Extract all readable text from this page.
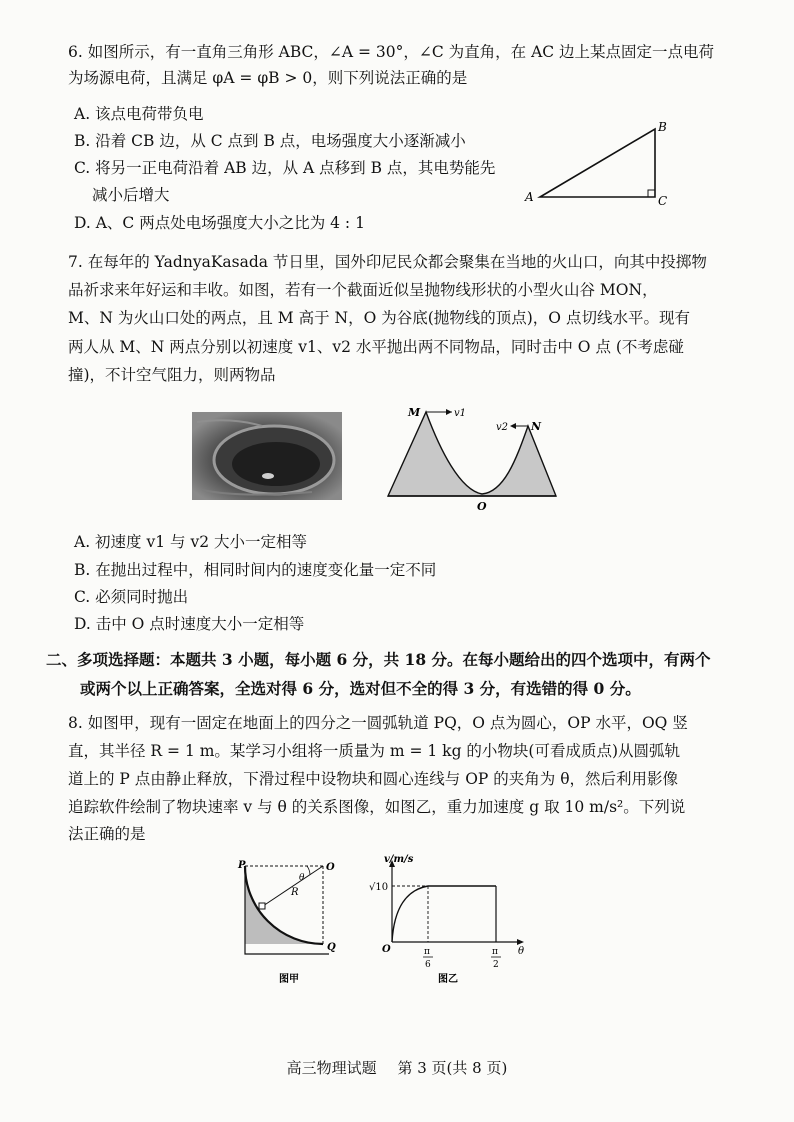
6. 如图所示，有一直角三角形 ABC，∠A = 30°，∠C 为直角，在 AC 边上某点固定一点电荷
为场源电荷，且满足 φA = φB > 0，则下列说法正确的是
A. 该点电荷带负电
B. 沿着 CB 边，从 C 点到 B 点，电场强度大小逐渐减小
C. 将另一正电荷沿着 AB 边，从 A 点移到 B 点，其电势能先
减小后增大
D. A、C 两点处电场强度大小之比为 4 : 1
A
B
C
7. 在每年的 YadnyaKasada 节日里，国外印尼民众都会聚集在当地的火山口，向其中投掷物
品祈求来年好运和丰收。如图，若有一个截面近似呈抛物线形状的小型火山谷 MON，
M、N 为火山口处的两点，且 M 高于 N，O 为谷底(抛物线的顶点)，O 点切线水平。现有
两人从 M、N 两点分别以初速度 v1、v2 水平抛出两不同物品，同时击中 O 点 (不考虑碰
撞)，不计空气阻力，则两物品
M	v1
v2 N
O
A. 初速度 v1 与 v2 大小一定相等
B. 在抛出过程中，相同时间内的速度变化量一定不同
C. 必须同时抛出
D. 击中 O 点时速度大小一定相等
二、多项选择题：本题共 3 小题，每小题 6 分，共 18 分。在每小题给出的四个选项中，有两个
或两个以上正确答案，全选对得 6 分，选对但不全的得 3 分，有选错的得 0 分。
8. 如图甲，现有一固定在地面上的四分之一圆弧轨道 PQ，O 点为圆心，OP 水平，OQ 竖
直，其半径 R = 1 m。某学习小组将一质量为 m = 1 kg 的小物块(可看成质点)从圆弧轨
道上的 P 点由静止释放，下滑过程中设物块和圆心连线与 OP 的夹角为 θ，然后利用影像
追踪软件绘制了物块速率 v 与 θ 的关系图像，如图乙，重力加速度 g 取 10 m/s²。下列说
法正确的是
P	O
Q
R
θ
图甲
v/m/s
√10
O	π
6
π
2
θ
图乙
高三物理试题 第 3 页(共 8 页)
